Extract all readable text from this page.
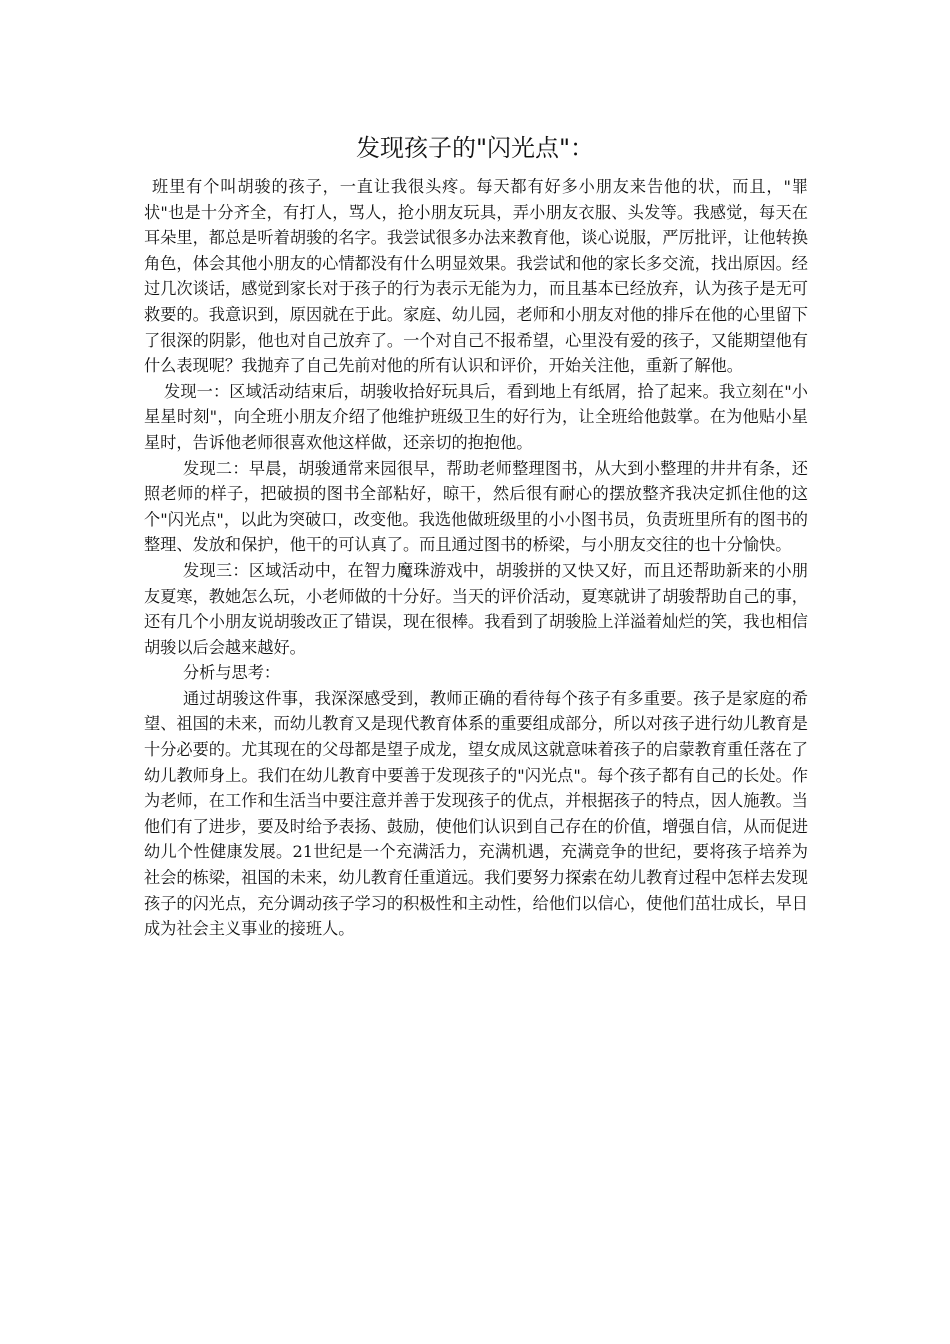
发现孩子的"闪光点"：

班里有个叫胡骏的孩子，一直让我很头疼。每天都有好多小朋友来告他的状，而且，"罪状"也是十分齐全，有打人，骂人，抢小朋友玩具，弄小朋友衣服、头发等。我感觉，每天在耳朵里，都总是听着胡骏的名字。我尝试很多办法来教育他，谈心说服，严厉批评，让他转换角色，体会其他小朋友的心情都没有什么明显效果。我尝试和他的家长多交流，找出原因。经过几次谈话，感觉到家长对于孩子的行为表示无能为力，而且基本已经放弃，认为孩子是无可救要的。我意识到，原因就在于此。家庭、幼儿园，老师和小朋友对他的排斥在他的心里留下了很深的阴影，他也对自己放弃了。一个对自己不报希望，心里没有爱的孩子，又能期望他有什么表现呢？我抛弃了自己先前对他的所有认识和评价，开始关注他，重新了解他。

发现一：区域活动结束后，胡骏收拾好玩具后，看到地上有纸屑，拾了起来。我立刻在"小星星时刻"，向全班小朋友介绍了他维护班级卫生的好行为，让全班给他鼓掌。在为他贴小星星时，告诉他老师很喜欢他这样做，还亲切的抱抱他。

发现二：早晨，胡骏通常来园很早，帮助老师整理图书，从大到小整理的井井有条，还照老师的样子，把破损的图书全部粘好，晾干，然后很有耐心的摆放整齐我决定抓住他的这个"闪光点"，以此为突破口，改变他。我选他做班级里的小小图书员，负责班里所有的图书的整理、发放和保护，他干的可认真了。而且通过图书的桥梁，与小朋友交往的也十分愉快。

发现三：区域活动中，在智力魔珠游戏中，胡骏拼的又快又好，而且还帮助新来的小朋友夏寒，教她怎么玩，小老师做的十分好。当天的评价活动，夏寒就讲了胡骏帮助自己的事，还有几个小朋友说胡骏改正了错误，现在很棒。我看到了胡骏脸上洋溢着灿烂的笑，我也相信胡骏以后会越来越好。

分析与思考：

通过胡骏这件事，我深深感受到，教师正确的看待每个孩子有多重要。孩子是家庭的希望、祖国的未来，而幼儿教育又是现代教育体系的重要组成部分，所以对孩子进行幼儿教育是十分必要的。尤其现在的父母都是望子成龙，望女成凤这就意味着孩子的启蒙教育重任落在了幼儿教师身上。我们在幼儿教育中要善于发现孩子的"闪光点"。每个孩子都有自己的长处。作为老师，在工作和生活当中要注意并善于发现孩子的优点，并根据孩子的特点，因人施教。当他们有了进步，要及时给予表扬、鼓励，使他们认识到自己存在的价值，增强自信，从而促进幼儿个性健康发展。21世纪是一个充满活力，充满机遇，充满竞争的世纪，要将孩子培养为社会的栋梁，祖国的未来，幼儿教育任重道远。我们要努力探索在幼儿教育过程中怎样去发现孩子的闪光点，充分调动孩子学习的积极性和主动性，给他们以信心，使他们茁壮成长，早日成为社会主义事业的接班人。
